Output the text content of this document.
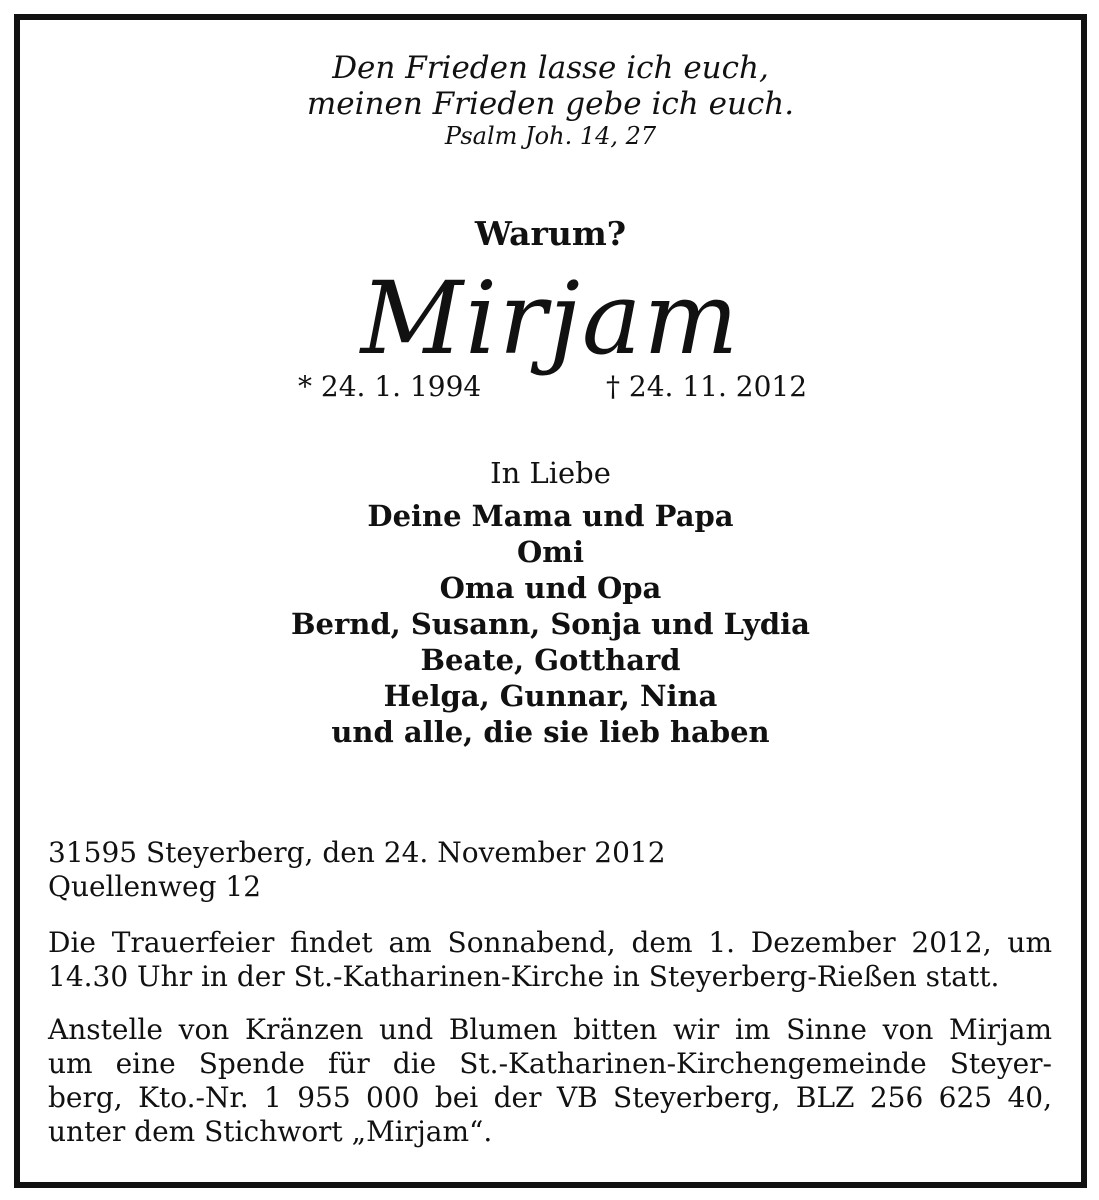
Den Frieden lasse ich euch,
meinen Frieden gebe ich euch.
Psalm Joh. 14, 27
Warum?
Mirjam
* 24. 1. 1994	† 24. 11. 2012
In Liebe
Deine Mama und Papa
Omi
Oma und Opa
Bernd, Susann, Sonja und Lydia
Beate, Gotthard
Helga, Gunnar, Nina
und alle, die sie lieb haben
31595 Steyerberg, den 24. November 2012
Quellenweg 12
Die Trauerfeier findet am Sonnabend, dem 1. Dezember 2012, um 14.30 Uhr in der St.-Katharinen-Kirche in Steyerberg-Rießen statt.
Anstelle von Kränzen und Blumen bitten wir im Sinne von Mirjam
um eine Spende für die St.-Katharinen-Kirchengemeinde Steyer-
berg, Kto.-Nr. 1 955 000 bei der VB Steyerberg, BLZ 256 625 40,
unter dem Stichwort „Mirjam“.
